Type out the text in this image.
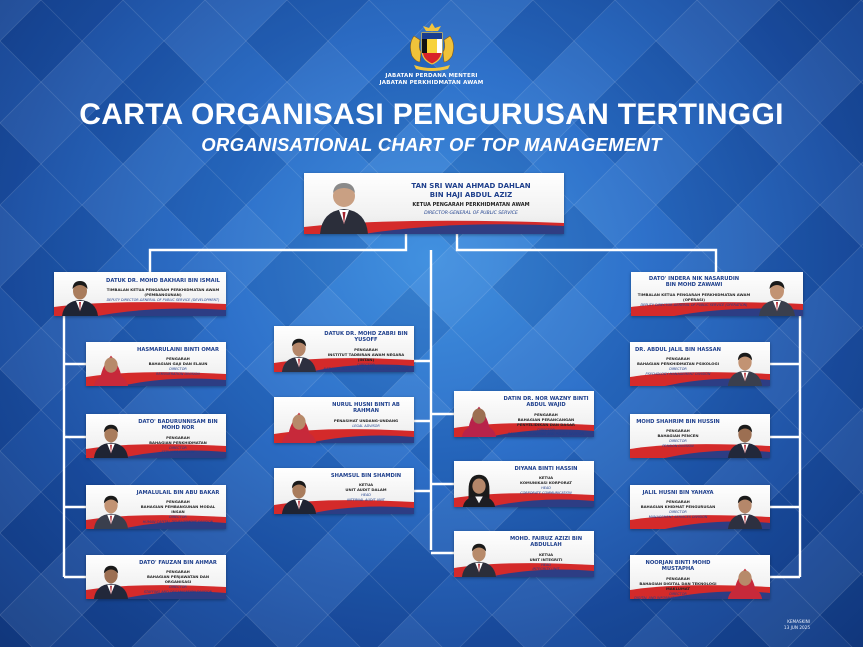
JABATAN PERDANA MENTERI
JABATAN PERKHIDMATAN AWAM
CARTA ORGANISASI PENGURUSAN TERTINGGI
ORGANISATIONAL CHART OF TOP MANAGEMENT
TAN SRI WAN AHMAD DAHLAN
BIN HAJI ABDUL AZIZ
KETUA PENGARAH PERKHIDMATAN AWAM
DIRECTOR-GENERAL OF PUBLIC SERVICE
DATUK DR. MOHD BAKHARI BIN ISMAIL
TIMBALAN KETUA PENGARAH PERKHIDMATAN AWAM (PEMBANGUNAN)
DEPUTY DIRECTOR-GENERAL OF PUBLIC SERVICE (DEVELOPMENT)
DATO' INDERA NIK NASARUDIN
BIN MOHD ZAWAWI
TIMBALAN KETUA PENGARAH PERKHIDMATAN AWAM (OPERASI)
DEPUTY DIRECTOR-GENERAL OF PUBLIC SERVICE (OPERATION)
KEMASKINI
13 JUN 2025
HASMARULAINI BINTI OMAR
PENGARAH
BAHAGIAN GAJI DAN ELAUN
DIRECTOR
REMUNERATION DIVISION
DATO' BADURUNNISAM BIN MOHD NOR
PENGARAH
BAHAGIAN PERKHIDMATAN
DIRECTOR
SERVICES DIVISION
JAMALULAIL BIN ABU BAKAR
PENGARAH
BAHAGIAN PEMBANGUNAN MODAL INSAN
DIRECTOR
HUMAN CAPITAL DEVELOPMENT DIVISION
DATO' FAUZAN BIN AHMAR
PENGARAH
BAHAGIAN PERJAWATAN DAN ORGANISASI
DIRECTOR
STAFFING AND ORGANISATION DIVISION
DATUK DR. MOHD ZABRI BIN YUSOFF
PENGARAH
INSTITUT TADBIRAN AWAM NEGARA (INTAN)
DIRECTOR
NATIONAL INSTITUTE OF PUBLIC ADMINISTRATION
NURUL HUSNI BINTI AB RAHMAN
PENASIHAT UNDANG-UNDANG
LEGAL ADVISOR
SHAMSUL BIN SHAMDIN
KETUA
UNIT AUDIT DALAM
HEAD
INTERNAL AUDIT UNIT
DATIN DR. NOR WAZNY BINTI ABDUL WAJID
PENGARAH
BAHAGIAN PERANCANGAN PENYELIDIKAN DAN DASAR
DIRECTOR
RESEARCH, PLANNING AND POLICY DIVISION
DIYANA BINTI HASSIN
KETUA
KOMUNIKASI KORPORAT
HEAD
CORPORATE COMMUNICATION
MOHD. FAIRUZ AZIZI BIN ABDULLAH
KETUA
UNIT INTEGRITI
HEAD
INTEGRITY UNIT
DR. ABDUL JALIL BIN HASSAN
PENGARAH
BAHAGIAN PERKHIDMATAN PSIKOLOGI
DIRECTOR
PSYCHOLOGY MANAGEMENT DIVISION
MOHD SHAHRIM BIN HUSSIN
PENGARAH
BAHAGIAN PENCEN
DIRECTOR
PENSION DIVISION
JALIL HUSNI BIN YAHAYA
PENGARAH
BAHAGIAN KHIDMAT PENGURUSAN
DIRECTOR
MANAGEMENT SERVICES DIVISION
NOORJAN BINTI MOHD MUSTAPHA
PENGARAH
BAHAGIAN DIGITAL DAN TEKNOLOGI MAKLUMAT
DIRECTOR
DIGITAL AND INFORMATION TECHNOLOGY DIVISION
